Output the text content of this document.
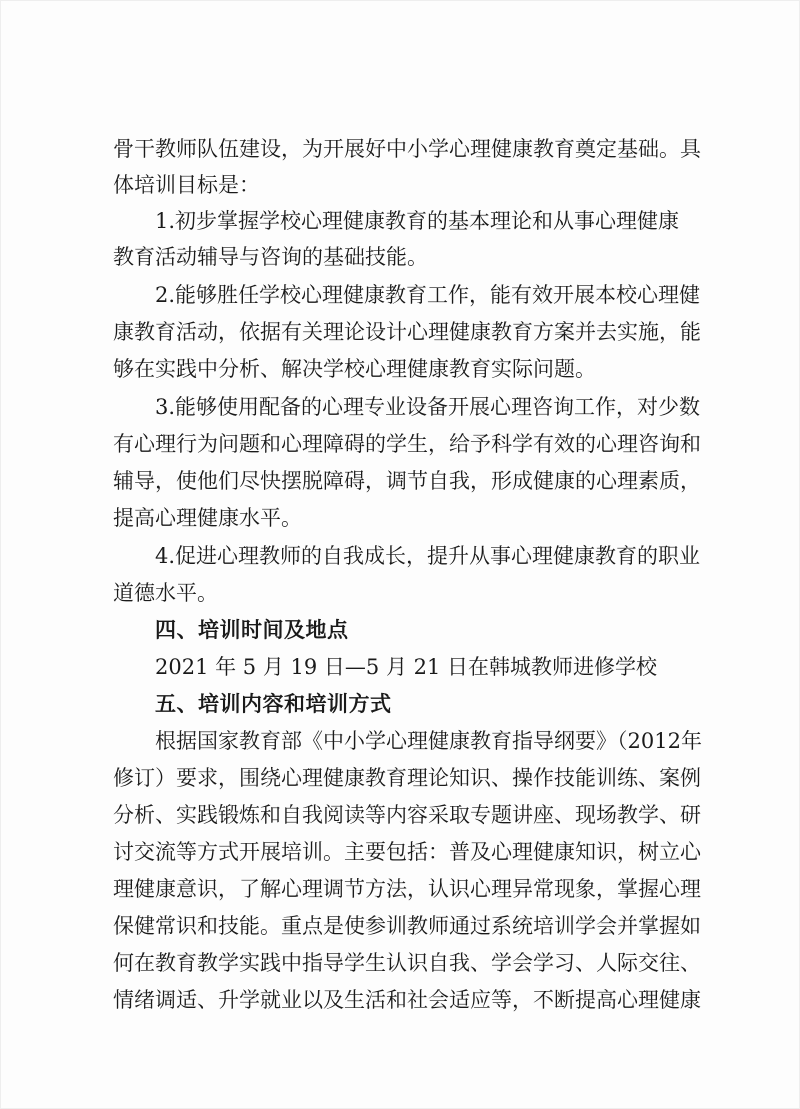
骨干教师队伍建设，为开展好中小学心理健康教育奠定基础。具
体培训目标是：
1.初步掌握学校心理健康教育的基本理论和从事心理健康
教育活动辅导与咨询的基础技能。
2.能够胜任学校心理健康教育工作，能有效开展本校心理健
康教育活动，依据有关理论设计心理健康教育方案并去实施，能
够在实践中分析、解决学校心理健康教育实际问题。
3.能够使用配备的心理专业设备开展心理咨询工作，对少数
有心理行为问题和心理障碍的学生，给予科学有效的心理咨询和
辅导，使他们尽快摆脱障碍，调节自我，形成健康的心理素质，
提高心理健康水平。
4.促进心理教师的自我成长，提升从事心理健康教育的职业
道德水平。
四、培训时间及地点
2021 年 5 月 19 日—5 月 21 日在韩城教师进修学校
五、培训内容和培训方式
根据国家教育部《中小学心理健康教育指导纲要》（2012年
修订）要求，围绕心理健康教育理论知识、操作技能训练、案例
分析、实践锻炼和自我阅读等内容采取专题讲座、现场教学、研
讨交流等方式开展培训。主要包括：普及心理健康知识，树立心
理健康意识，了解心理调节方法，认识心理异常现象，掌握心理
保健常识和技能。重点是使参训教师通过系统培训学会并掌握如
何在教育教学实践中指导学生认识自我、学会学习、人际交往、
情绪调适、升学就业以及生活和社会适应等，不断提高心理健康
